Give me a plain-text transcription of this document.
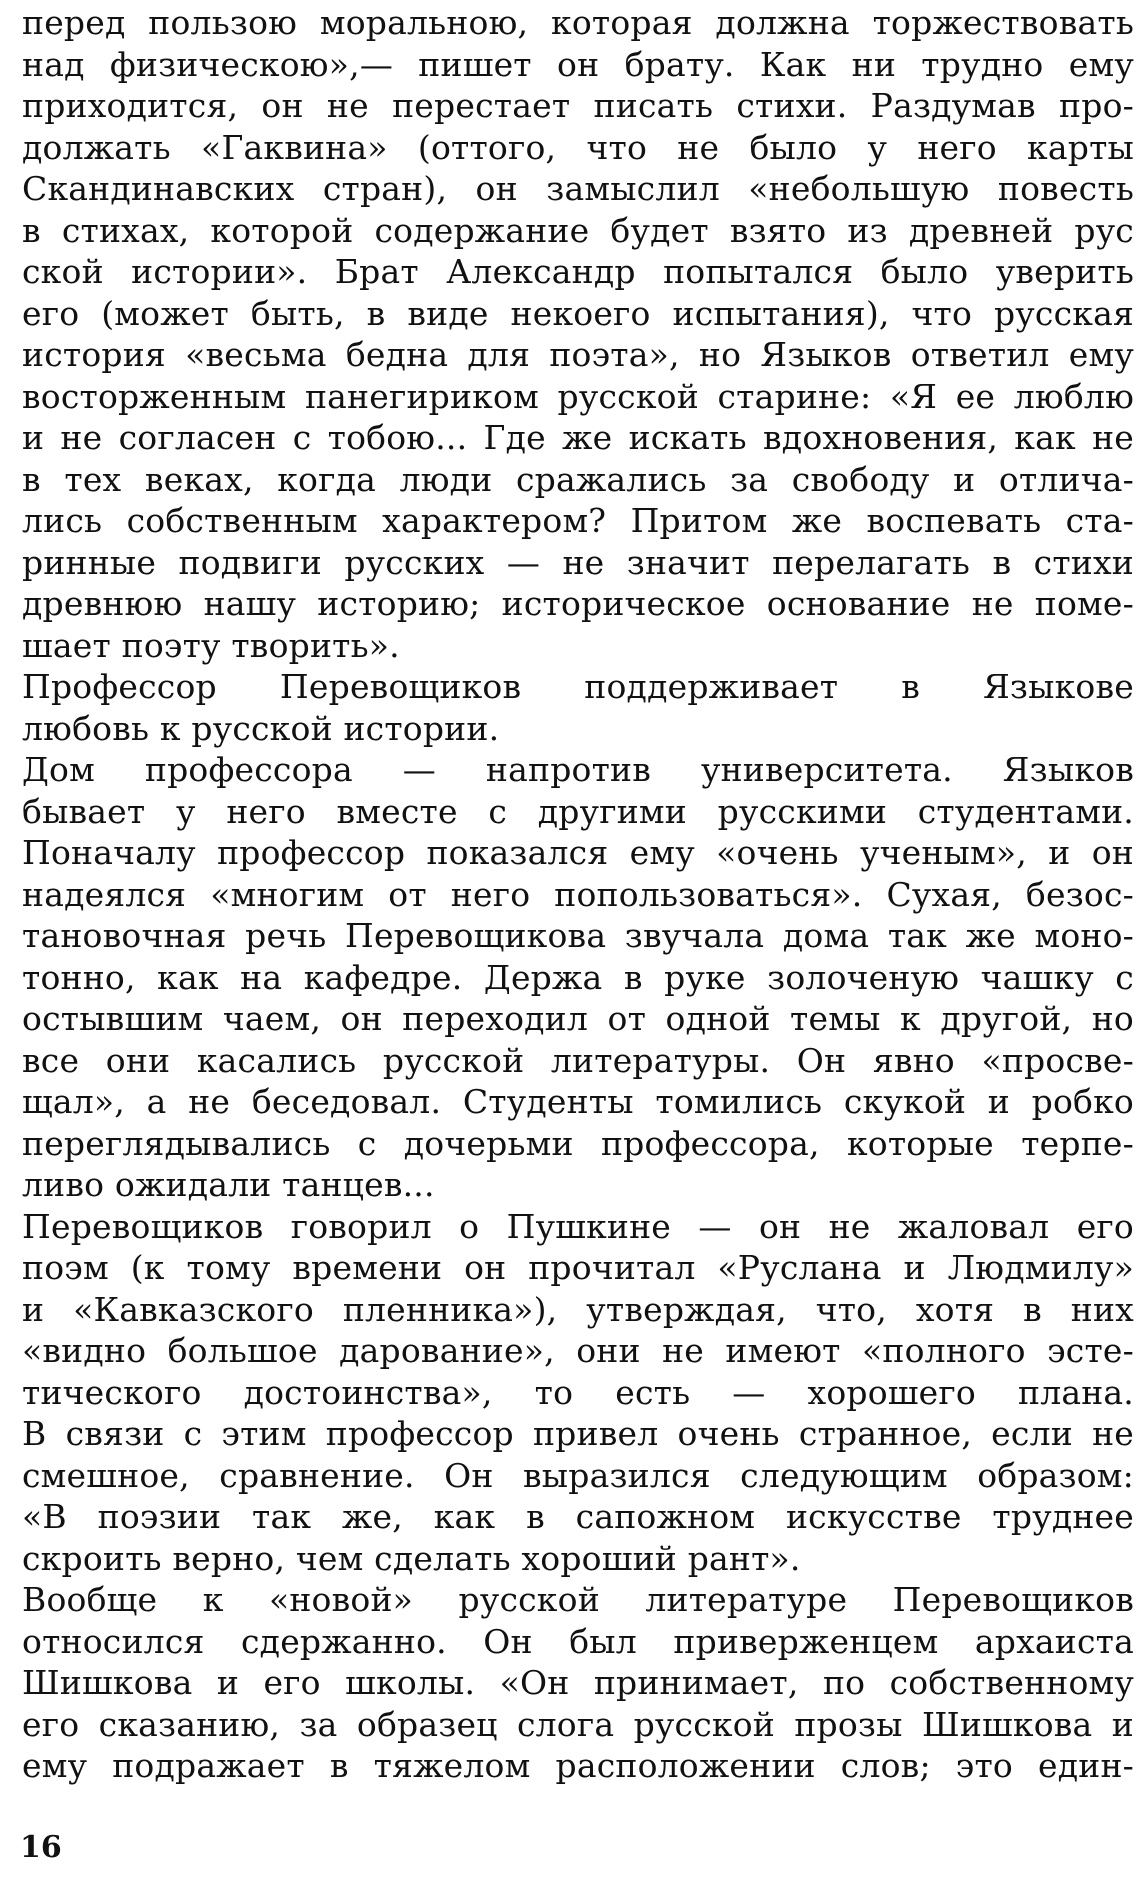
перед пользою моральною, которая должна торжествовать
над физическою»,— пишет он брату. Как ни трудно ему
приходится, он не перестает писать стихи. Раздумав про-
должать «Гаквина» (оттого, что не было у него карты
Скандинавских стран), он замыслил «небольшую повесть
в стихах, которой содержание будет взято из древней рус
ской истории». Брат Александр попытался было уверить
его (может быть, в виде некоего испытания), что русская
история «весьма бедна для поэта», но Языков ответил ему
восторженным панегириком русской старине: «Я ее люблю
и не согласен с тобою... Где же искать вдохновения, как не
в тех веках, когда люди сражались за свободу и отлича-
лись собственным характером? Притом же воспевать ста-
ринные подвиги русских — не значит перелагать в стихи
древнюю нашу историю; историческое основание не поме-
шает поэту творить».
Профессор Перевощиков поддерживает в Языкове
любовь к русской истории.
Дом профессора — напротив университета. Языков
бывает у него вместе с другими русскими студентами.
Поначалу профессор показался ему «очень ученым», и он
надеялся «многим от него попользоваться». Сухая, безос-
тановочная речь Перевощикова звучала дома так же моно-
тонно, как на кафедре. Держа в руке золоченую чашку с
остывшим чаем, он переходил от одной темы к другой, но
все они касались русской литературы. Он явно «просве-
щал», а не беседовал. Студенты томились скукой и робко
переглядывались с дочерьми профессора, которые терпе-
ливо ожидали танцев...
Перевощиков говорил о Пушкине — он не жаловал его
поэм (к тому времени он прочитал «Руслана и Людмилу»
и «Кавказского пленника»), утверждая, что, хотя в них
«видно большое дарование», они не имеют «полного эсте-
тического достоинства», то есть — хорошего плана.
В связи с этим профессор привел очень странное, если не
смешное, сравнение. Он выразился следующим образом:
«В поэзии так же, как в сапожном искусстве труднее
скроить верно, чем сделать хороший рант».
Вообще к «новой» русской литературе Перевощиков
относился сдержанно. Он был приверженцем архаиста
Шишкова и его школы. «Он принимает, по собственному
его сказанию, за образец слога русской прозы Шишкова и
ему подражает в тяжелом расположении слов; это един-
16
